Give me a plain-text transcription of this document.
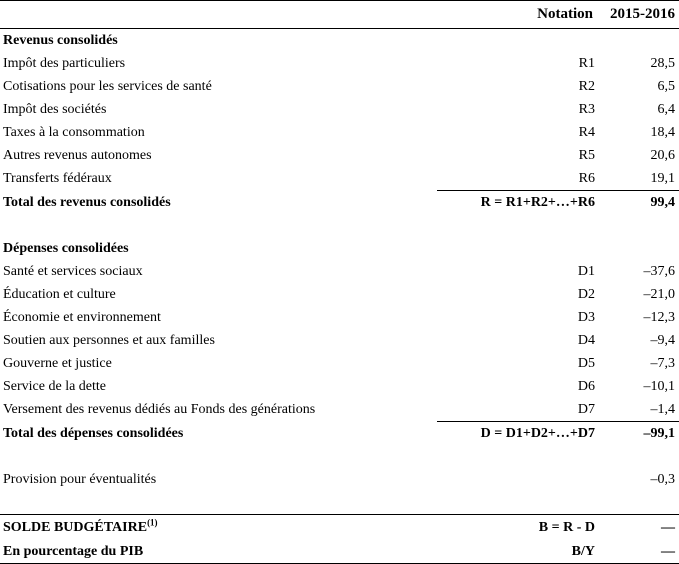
	Notation	2015-2016
Revenus consolidés		
Impôt des particuliers	R1	28,5
Cotisations pour les services de santé	R2	6,5
Impôt des sociétés	R3	6,4
Taxes à la consommation	R4	18,4
Autres revenus autonomes	R5	20,6
Transferts fédéraux	R6	19,1
Total des revenus consolidés	R = R1+R2+…+R6	99,4

Dépenses consolidées		
Santé et services sociaux	D1	–37,6
Éducation et culture	D2	–21,0
Économie et environnement	D3	–12,3
Soutien aux personnes et aux familles	D4	–9,4
Gouverne et justice	D5	–7,3
Service de la dette	D6	–10,1
Versement des revenus dédiés au Fonds des générations	D7	–1,4
Total des dépenses consolidées	D = D1+D2+…+D7	–99,1

Provision pour éventualités		–0,3

SOLDE BUDGÉTAIRE$^{(1)}$	B = R - D	—
En pourcentage du PIB	B/Y	—
